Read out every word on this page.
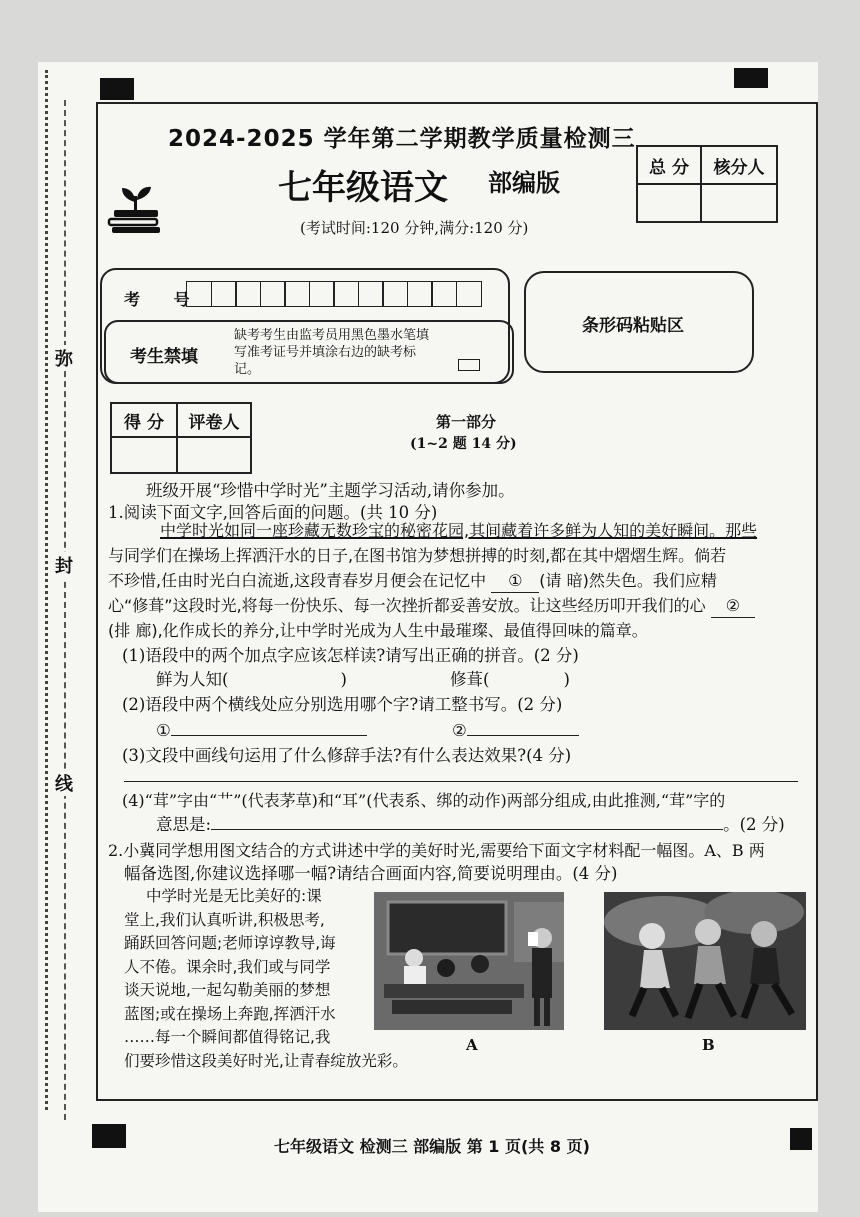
弥
封
线
2024-2025 学年第二学期教学质量检测三
七年级语文 部编版
(考试时间:120 分钟,满分:120 分)
总 分	核分人

考 号
考生禁填
缺考考生由监考员用黑色墨水笔填写准考证号并填涂右边的缺考标记。
条形码粘贴区
得 分	评卷人
		第一部分
(1~2 题 14 分)
班级开展“珍惜中学时光”主题学习活动,请你参加。
1.阅读下面文字,回答后面的问题。(共 10 分)
中学时光如同一座珍藏无数珍宝的秘密花园,其间藏着许多鲜为人知的美好瞬间。那些
与同学们在操场上挥洒汗水的日子,在图书馆为梦想拼搏的时刻,都在其中熠熠生辉。倘若
不珍惜,任由时光白白流逝,这段青春岁月便会在记忆中 ① (请 暗)然失色。我们应精
心“修葺”这段时光,将每一份快乐、每一次挫折都妥善安放。让这些经历叩开我们的心 ②
(排 廊),化作成长的养分,让中学时光成为人生中最璀璨、最值得回味的篇章。
(1)语段中的两个加点字应该怎样读?请写出正确的拼音。(2 分)
鲜为人知(	)	修葺(	)
(2)语段中两个横线处应分别选用哪个字?请工整书写。(2 分)
①	②
(3)文段中画线句运用了什么修辞手法?有什么表达效果?(4 分)
(4)“茸”字由“艹”(代表茅草)和“耳”(代表系、绑的动作)两部分组成,由此推测,“茸”字的
意思是:	。(2 分)
2.小冀同学想用图文结合的方式讲述中学的美好时光,需要给下面文字材料配一幅图。A、B 两
幅备选图,你建议选择哪一幅?请结合画面内容,简要说明理由。(4 分)
中学时光是无比美好的:课
堂上,我们认真听讲,积极思考,
踊跃回答问题;老师谆谆教导,诲
人不倦。课余时,我们或与同学
谈天说地,一起勾勒美丽的梦想
蓝图;或在操场上奔跑,挥洒汗水
……每一个瞬间都值得铭记,我
们要珍惜这段美好时光,让青春绽放光彩。
A	B
七年级语文 检测三 部编版 第 1 页(共 8 页)
